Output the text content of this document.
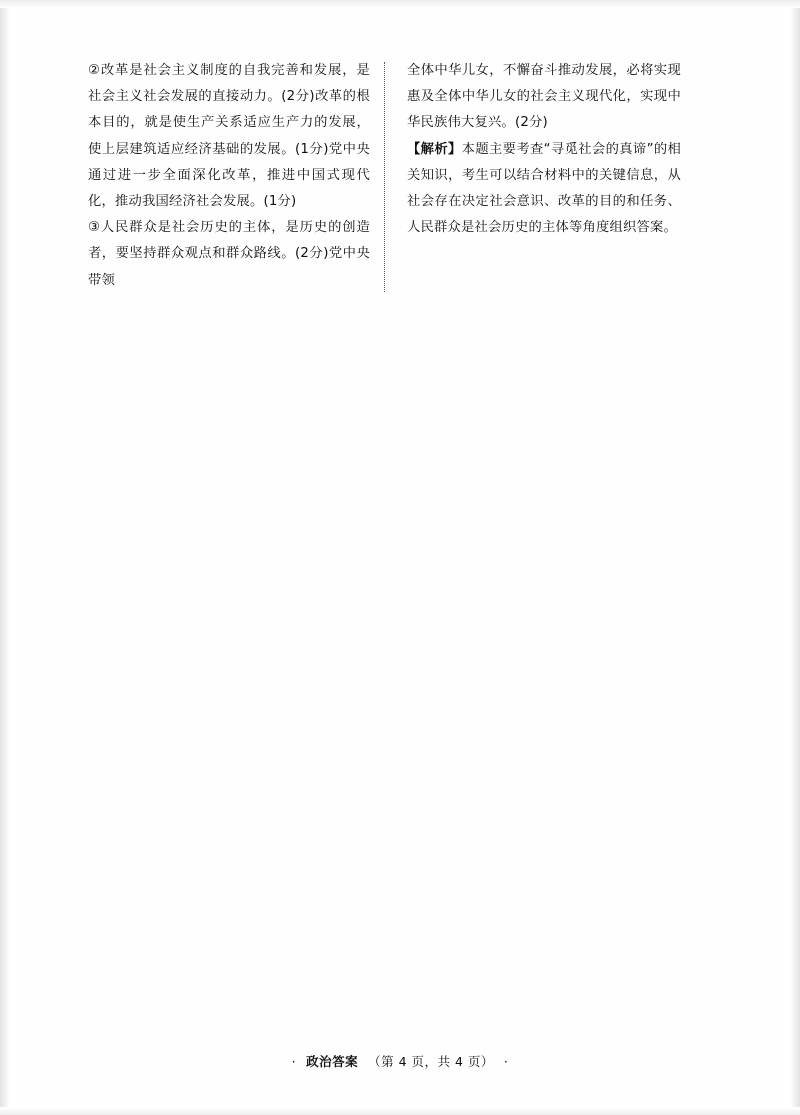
②改革是社会主义制度的自我完善和发展，是社会主义社会发展的直接动力。(2分)改革的根本目的，就是使生产关系适应生产力的发展，使上层建筑适应经济基础的发展。(1分)党中央通过进一步全面深化改革，推进中国式现代化，推动我国经济社会发展。(1分)

③人民群众是社会历史的主体，是历史的创造者，要坚持群众观点和群众路线。(2分)党中央带领

全体中华儿女，不懈奋斗推动发展，必将实现惠及全体中华儿女的社会主义现代化，实现中华民族伟大复兴。(2分)

【解析】本题主要考查“寻觅社会的真谛”的相关知识，考生可以结合材料中的关键信息，从社会存在决定社会意识、改革的目的和任务、人民群众是社会历史的主体等角度组织答案。

· 政治答案 （第 4 页，共 4 页） ·
